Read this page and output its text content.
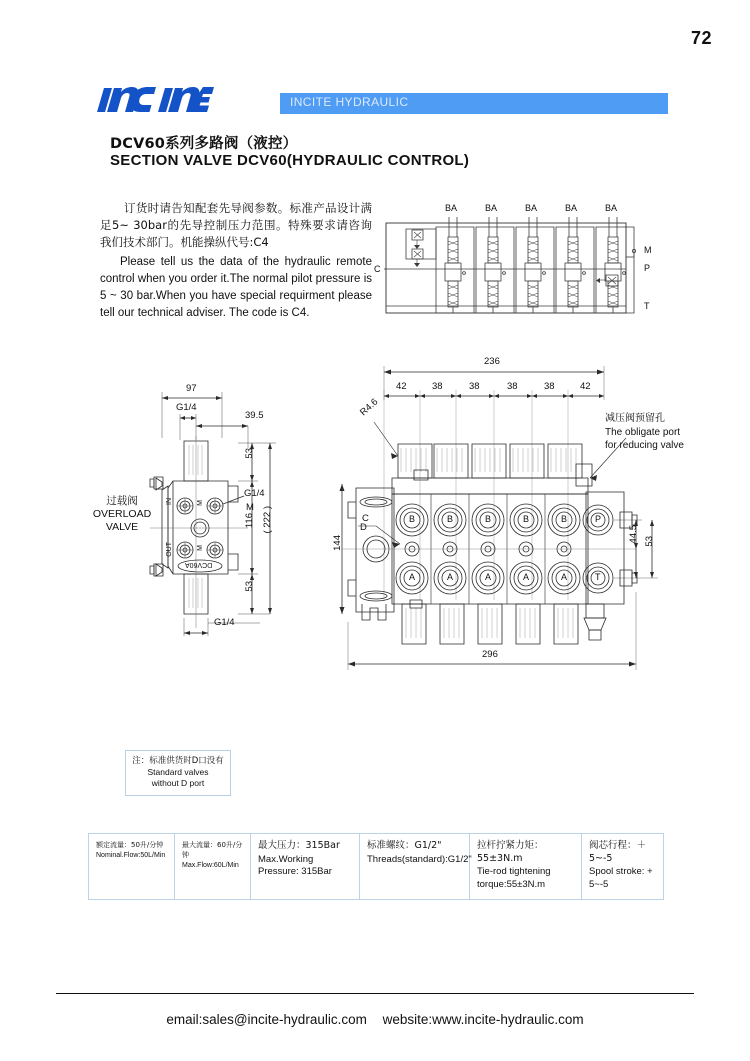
72
INCITE HYDRAULIC
DCV60系列多路阀（液控）
SECTION VALVE DCV60(HYDRAULIC CONTROL)

订货时请告知配套先导阀参数。标准产品设计满足5~ 30bar的先导控制压力范围。特殊要求请咨询我们技术部门。机能操纵代号:C4

Please tell us the data of the hydraulic remote control when you order it.The normal pilot pressure is 5 ~ 30 bar.When you have special requirment please tell our technical adviser. The code is C4.

BA	BA	BA	BA	BA
C
M
P
T
97
G1/4
39.5
53
116
53
( 222 )
G1/4
M
G1/4
IN
OUT
M
M
DCV60A
过载阀
OVERLOAD
VALVE
236
42	38	38	38	38	42
296
144	44.5 53
R4.6
C
D
B	B	B	B	B
A	A	A	A	A
P
T
减压阀预留孔
The obligate port
for reducing valve
注：标准供货时D口没有
Standard valves
without D port
额定流量：50升/分钟
Nominal.Flow:50L/Min
最大流量：60升/分钟
Max.Flow:60L/Min
最大压力：315Bar
Max.Working Pressure: 315Bar
标准螺纹：G1/2"
Threads(standard):G1/2"
拉杆拧紧力矩：55±3N.m
Tie-rod tightening torque:55±3N.m
阀芯行程：＋5~-5
Spool stroke: + 5~-5
email:sales@incite-hydraulic.com website:www.incite-hydraulic.com
